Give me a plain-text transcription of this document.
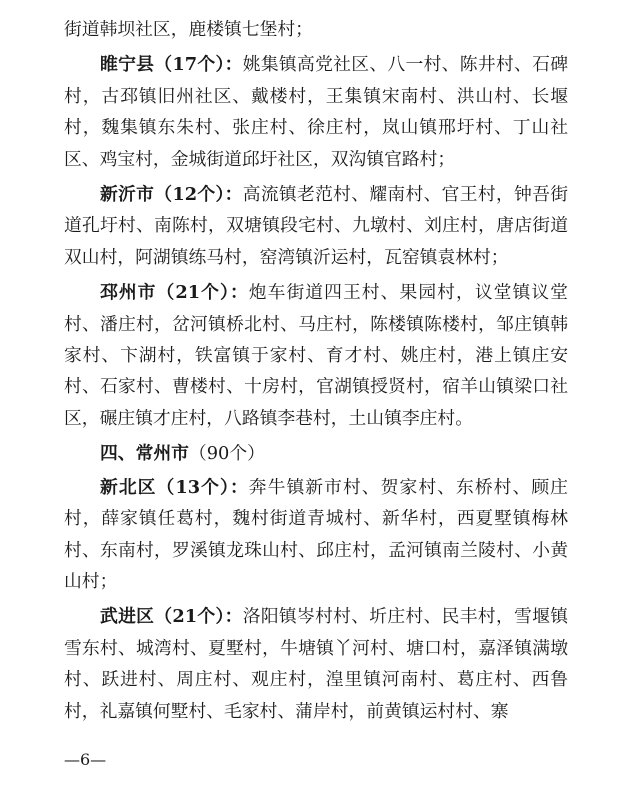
街道韩坝社区，鹿楼镇七堡村；

睢宁县（17个）：姚集镇高党社区、八一村、陈井村、石碑村，古邳镇旧州社区、戴楼村，王集镇宋南村、洪山村、长堰村，魏集镇东朱村、张庄村、徐庄村，岚山镇邢圩村、丁山社区、鸡宝村，金城街道邱圩社区，双沟镇官路村；

新沂市（12个）：高流镇老范村、耀南村、官王村，钟吾街道孔圩村、南陈村，双塘镇段宅村、九墩村、刘庄村，唐店街道双山村，阿湖镇练马村，窑湾镇沂运村，瓦窑镇袁林村；

邳州市（21个）：炮车街道四王村、果园村，议堂镇议堂村、潘庄村，岔河镇桥北村、马庄村，陈楼镇陈楼村，邹庄镇韩家村、卞湖村，铁富镇于家村、育才村、姚庄村，港上镇庄安村、石家村、曹楼村、十房村，官湖镇授贤村，宿羊山镇梁口社区，碾庄镇才庄村，八路镇李巷村，土山镇李庄村。

四、常州市（90个）

新北区（13个）：奔牛镇新市村、贺家村、东桥村、顾庄村，薛家镇任葛村，魏村街道青城村、新华村，西夏墅镇梅林村、东南村，罗溪镇龙珠山村、邱庄村，孟河镇南兰陵村、小黄山村；

武进区（21个）：洛阳镇岑村村、圻庄村、民丰村，雪堰镇雪东村、城湾村、夏墅村，牛塘镇丫河村、塘口村，嘉泽镇满墩村、跃进村、周庄村、观庄村，湟里镇河南村、葛庄村、西鲁村，礼嘉镇何墅村、毛家村、蒲岸村，前黄镇运村村、寨

—6—
